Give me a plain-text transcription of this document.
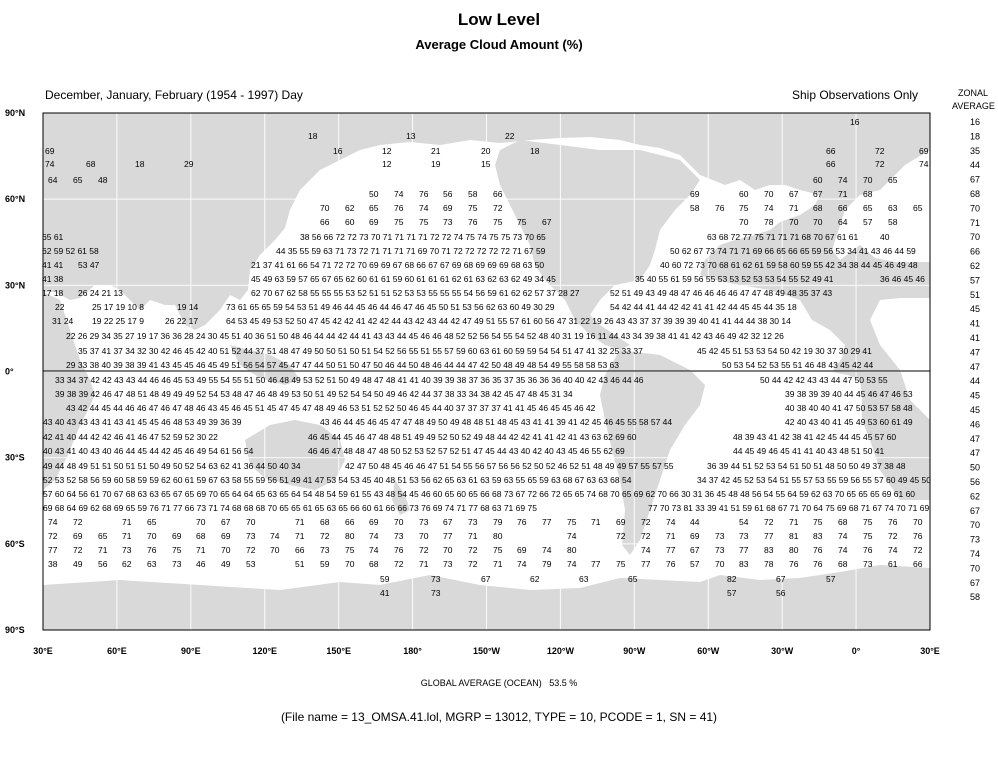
Low Level
Average Cloud Amount (%)
December, January, February (1954 - 1997) Day	Ship Observations Only	ZONAL
AVERAGE
16
18	13	22
69	16	12	21	20	18	66	72	69
74	68	18	29	12	19	15	66	72	74
64 65 48	60 74 70 65
50 74 76 56 58 66	69	60 70 67 67 71 68
70 62 65 76 74 69 75 72	58 76 75 74 71 68 66 65 63 65
66 60 69 75 75 73 76 75 75 67	70 78 70 70 64 57 58
65 61	38 56 66 72 72 73 70 71 71 71 71 72 72 74 75 74 75 75 73 70 65	63 68 72 77 75 71 71 71 68 70 67 61 61	40
62 59 52 61 58	44 35 55 59 63 71 73 72 71 71 71 71 69 70 71 72 72 72 72 72 71 67 59	50 62 67 73 74 71 71 69 66 65 66 65 59 56 53 34 41 43 46 44 59
41 41 53 47	21 37 41 61 66 54 71 72 72 70 69 69 67 68 66 67 67 69 68 69 69 69 68 63 50	40 60 72 73 70 68 61 62 61 59 58 60 59 55 42 34 38 44 45 46 49 48
41 38	45 49 63 59 57 65 67 65 62 60 61 61 59 60 61 61 61 62 61 63 62 63 62 49 34 45	35 40 55 61 59 56 55 53 53 52 53 53 54 55 52 49 41	36 46 45 46
17 18 26 24 21 13	62 70 67 62 58 55 55 55 53 52 51 51 52 53 53 55 55 55 54 56 59 61 62 62 57 37 28 27	52 51 49 43 49 48 47 46 46 46 46 47 47 48 49 48 35 37 43
22	25 17 19 10 8	19 14	73 61 65 65 59 54 53 51 49 46 44 45 46 44 46 47 46 45 50 51 53 56 62 63 60 49 30 29	54 42 44 41 44 42 42 41 41 42 44 45 45 44 35 18
31 24 19 22 25 17 9 26 22 17	64 53 45 49 53 52 50 47 45 42 42 41 42 42 44 43 42 43 44 42 47 49 51 55 57 61 60 56 47 31 22 19 26 43 43 37 37 39 39 39 40 41 41 44 44 38 30 14
22 26 29 34 35 27 19 17 36 36 28 24 30 45 51 40 36 51 50 48 46 44 44 42 44 41 43 43 44 45 46 46 48 52 52 56 54 55 54 52 48 40 31 19 16 11 44 43 34 39 38 41 41 42 43 46 49 42 32 12 26
35 37 41 37 34 32 30 42 46 45 42 40 51 52 44 37 51 48 47 49 50 50 51 50 51 54 52 56 55 51 55 57 59 60 63 61 60 59 59 54 54 51 47 41 32 25 33 37	45 42 45 51 53 53 54 50 42 19 30 37 30 29 41
29 33 38 40 39 38 39 41 43 45 45 46 45 49 51 56 54 57 45 47 47 44 50 51 50 47 50 46 44 50 48 46 44 44 47 42 50 48 49 48 54 49 55 58 58 53 63	50 53 54 52 53 55 51 46 48 43 45 42 44
33 34 37 42 42 43 43 44 46 46 45 53 49 55 54 55 51 50 46 48 49 53 52 51 50 49 48 47 48 41 41 40 39 39 38 37 36 35 37 35 36 36 36 40 40 42 43 46 44 46	50 44 42 42 43 43 44 47 50 53 55
39 38 39 42 46 47 48 51 48 49 49 49 52 54 53 48 47 46 48 49 53 50 51 49 52 54 54 50 49 46 42 44 37 38 33 34 38 42 45 47 48 45 31 34	39 38 39 39 40 44 45 46 47 46 53
43 42 44 45 44 46 46 47 46 47 48 46 43 45 46 45 51 45 47 45 47 48 49 46 53 51 52 52 50 46 45 44 40 37 37 37 37 41 41 45 46 45 45 46 42	40 38 40 40 41 47 50 53 57 58 48
43 40 43 43 43 41 43 41 45 45 46 48 53 49 39 36 39	43 46 44 45 46 45 47 47 48 49 50 49 48 48 51 48 45 43 41 41 39 41 42 45 46 45 55 58 57 44	42 40 43 40 41 45 49 53 60 61 49
42 41 40 44 42 42 46 41 46 47 52 59 52 30 22	46 45 44 45 46 47 48 48 51 49 49 52 50 52 49 48 44 42 42 41 41 42 41 43 63 62 69 60	48 39 43 41 42 38 41 42 45 44 45 45 57 60
40 43 41 40 43 40 46 44 45 44 42 45 46 49 54 61 56 54	46 46 47 48 48 47 48 50 52 53 52 57 52 51 47 45 44 43 40 42 40 43 45 46 55 62 69	44 45 49 46 45 41 41 40 43 48 51 50 41
49 44 48 49 51 51 50 51 51 50 49 50 52 54 63 62 41 36 44 50 40 34	42 47 50 48 45 46 46 47 51 54 55 56 57 56 56 52 50 52 46 52 51 48 49 49 57 55 57 55	36 39 44 51 52 53 54 51 50 51 48 50 50 49 37 38 48
52 53 52 58 56 59 60 58 59 59 62 60 61 59 67 63 58 55 59 56 51 49 41 47 53 54 53 45 40 48 51 53 56 62 65 63 61 63 59 63 55 65 59 63 68 67 63 63 68 54	34 37 42 45 52 53 54 51 55 57 53 55 59 56 55 57 60 49 45 50
57 60 64 56 61 70 67 68 63 63 65 67 65 69 70 65 64 64 65 63 65 64 54 48 54 59 61 55 43 48 54 45 46 60 65 60 65 66 68 73 67 72 66 72 65 65 74 68 70 65 69 62 70 66 30 31 36 45 48 48 56 54 55 64 59 62 63 70 65 65 65 69 61 60
69 68 64 69 62 68 69 65 59 76 71 77 66 73 71 74 68 68 68 70 65 65 61 65 63 65 66 60 61 66 66 73 76 69 74 71 77 68 63 71 69 75	77 70 73 81 33 39 41 51 59 61 68 67 71 70 64 75 69 68 71 67 74 70 71 69
74 72	71 65	70 67 70	71 68 66 69 70 73 67 73 79 76 77 75 71 69 72 74 44	54 72 71 75 68 75 76 70
72 69 65 71 70 69 68 69 73 74 71 72 80 74 73 70 77 71 80	74	72 72 71 69 73 73 77 81 83 74 75 72 76
77 72 71 73 76 75 71 70 72 70 66 73 75 74 76 72 70 72 75 69 74 80	74 77 67 73 77 83 80 76 74 76 74 72
38 49 56 62 63 73 46 49 53	51 59 70 68 72 71 73 72 71 74 79 74 77 75 77 76 57 70 83 78 76 76 68 73 61 66
59	73	67	62	63	65	82	67	57
41	73	57	56
16
18
35
44
67
68
70
71
70
66
62
57
51
45
41
41
47
47
44
45
45
46
47
47
50
56
62
67
70
73
74
70
67
58
90°N
60°N
30°N
0°
30°S
60°S
90°S
30°E	60°E	90°E	120°E	150°E	180°	150°W	120°W	90°W	60°W	30°W	0°	30°E
GLOBAL AVERAGE (OCEAN) 53.5 %
(File name = 13_OMSA.41.lol, MGRP = 13012, TYPE = 10, PCODE = 1, SN = 41)
